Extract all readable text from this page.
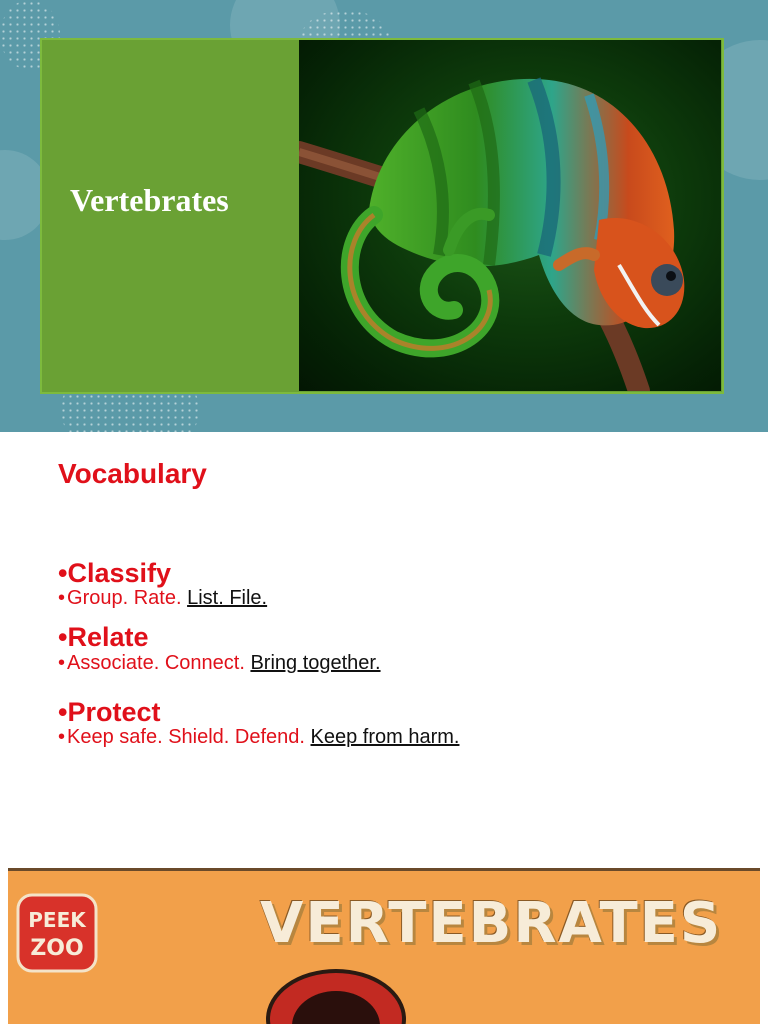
Vertebrates
Vocabulary

•Classify

• Group. Rate. List. File.

•Relate

• Associate. Connect. Bring together.

•Protect

• Keep safe. Shield. Defend. Keep from harm.

PEEK
ZOO	VERTEBRATES
